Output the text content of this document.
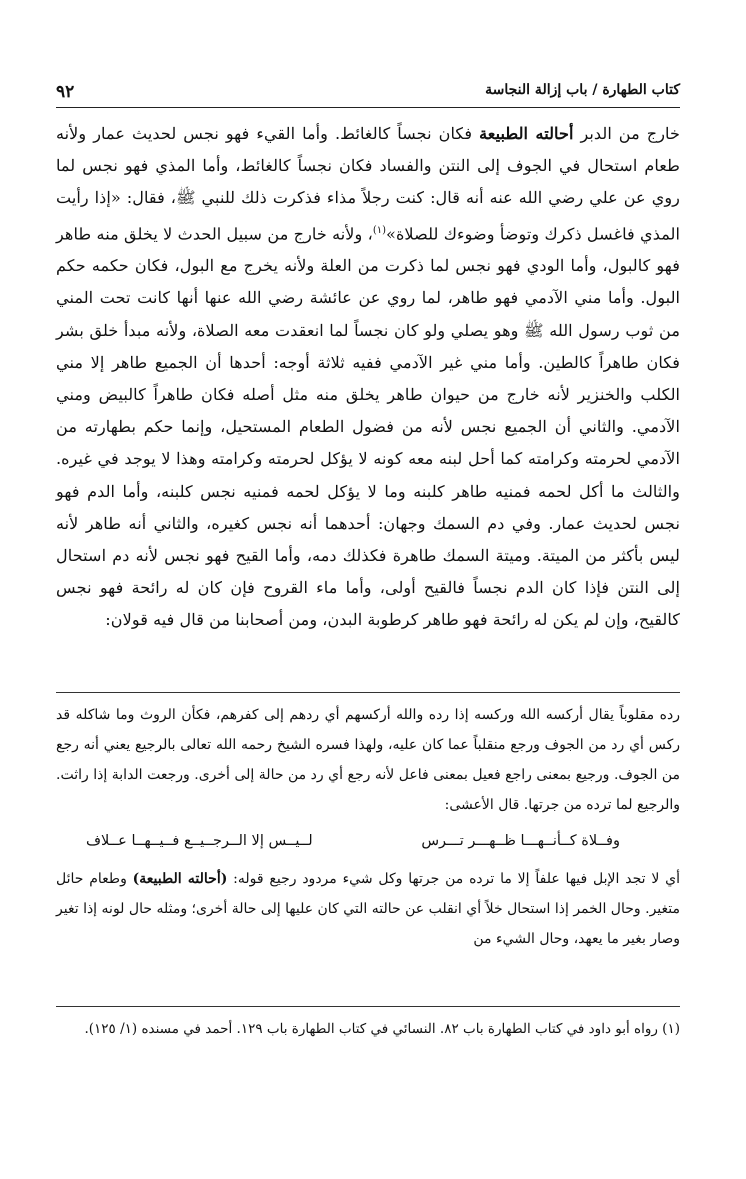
كتاب الطهارة / باب إزالة النجاسة
٩٢

خارج من الدبر أحالته الطبيعة فكان نجساً كالغائط. وأما القيء فهو نجس لحديث عمار ولأنه طعام استحال في الجوف إلى النتن والفساد فكان نجساً كالغائط، وأما المذي فهو نجس لما روي عن علي رضي الله عنه أنه قال: كنت رجلاً مذاء فذكرت ذلك للنبي ﷺ، فقال: «إذا رأيت المذي فاغسل ذكرك وتوضأ وضوءك للصلاة»$^{(١)}$، ولأنه خارج من سبيل الحدث لا يخلق منه طاهر فهو كالبول، وأما الودي فهو نجس لما ذكرت من العلة ولأنه يخرج مع البول، فكان حكمه حكم البول. وأما مني الآدمي فهو طاهر، لما روي عن عائشة رضي الله عنها أنها كانت تحت المني من ثوب رسول الله ﷺ وهو يصلي ولو كان نجساً لما انعقدت معه الصلاة، ولأنه مبدأ خلق بشر فكان طاهراً كالطين. وأما مني غير الآدمي ففيه ثلاثة أوجه: أحدها أن الجميع طاهر إلا مني الكلب والخنزير لأنه خارج من حيوان طاهر يخلق منه مثل أصله فكان طاهراً كالبيض ومني الآدمي. والثاني أن الجميع نجس لأنه من فضول الطعام المستحيل، وإنما حكم بطهارته من الآدمي لحرمته وكرامته كما أحل لبنه معه كونه لا يؤكل لحرمته وكرامته وهذا لا يوجد في غيره. والثالث ما أكل لحمه فمنيه طاهر كلبنه وما لا يؤكل لحمه فمنيه نجس كلبنه، وأما الدم فهو نجس لحديث عمار. وفي دم السمك وجهان: أحدهما أنه نجس كغيره، والثاني أنه طاهر لأنه ليس بأكثر من الميتة. وميتة السمك طاهرة فكذلك دمه، وأما القيح فهو نجس لأنه دم استحال إلى النتن فإذا كان الدم نجساً فالقيح أولى، وأما ماء القروح فإن كان له رائحة فهو نجس كالقيح، وإن لم يكن له رائحة فهو طاهر كرطوبة البدن، ومن أصحابنا من قال فيه قولان:

رده مقلوباً يقال أركسه الله وركسه إذا رده والله أركسهم أي ردهم إلى كفرهم، فكأن الروث وما شاكله قد ركس أي رد من الجوف ورجع منقلباً عما كان عليه، ولهذا فسره الشيخ رحمه الله تعالى بالرجيع يعني أنه رجع من الجوف. ورجيع بمعنى راجع فعيل بمعنى فاعل لأنه رجع أي رد من حالة إلى أخرى. ورجعت الدابة إذا راثت. والرجيع لما ترده من جرتها. قال الأعشى:

وفــلاة كــأنــهـــا ظــهـــر تـــرس
لــيــس إلا الــرجــيــع فــيــهــا عــلاف

أي لا تجد الإبل فيها علفاً إلا ما ترده من جرتها وكل شيء مردود رجيع قوله: (أحالته الطبيعة) وطعام حائل متغير. وحال الخمر إذا استحال خلاً أي انقلب عن حالته التي كان عليها إلى حالة أخرى؛ ومثله حال لونه إذا تغير وصار بغير ما يعهد، وحال الشيء من

(١) رواه أبو داود في كتاب الطهارة باب ٨٢. النسائي في كتاب الطهارة باب ١٢٩. أحمد في مسنده (١/ ١٢٥).
